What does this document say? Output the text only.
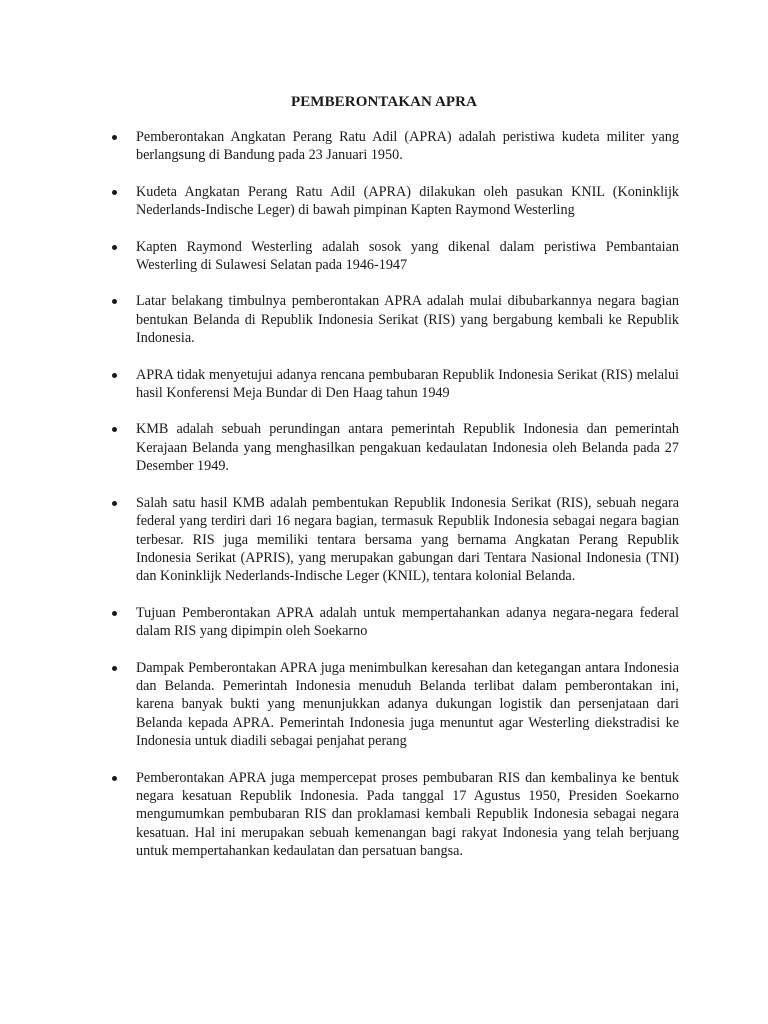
PEMBERONTAKAN APRA
Pemberontakan Angkatan Perang Ratu Adil (APRA) adalah peristiwa kudeta militer yang berlangsung di Bandung pada 23 Januari 1950.
Kudeta Angkatan Perang Ratu Adil (APRA) dilakukan oleh pasukan KNIL (Koninklijk Nederlands-Indische Leger) di bawah pimpinan Kapten Raymond Westerling
Kapten Raymond Westerling adalah sosok yang dikenal dalam peristiwa Pembantaian Westerling di Sulawesi Selatan pada 1946-1947
Latar belakang timbulnya pemberontakan APRA adalah mulai dibubarkannya negara bagian bentukan Belanda di Republik Indonesia Serikat (RIS) yang bergabung kembali ke Republik Indonesia.
APRA tidak menyetujui adanya rencana pembubaran Republik Indonesia Serikat (RIS) melalui hasil Konferensi Meja Bundar di Den Haag tahun 1949
KMB adalah sebuah perundingan antara pemerintah Republik Indonesia dan pemerintah Kerajaan Belanda yang menghasilkan pengakuan kedaulatan Indonesia oleh Belanda pada 27 Desember 1949.
Salah satu hasil KMB adalah pembentukan Republik Indonesia Serikat (RIS), sebuah negara federal yang terdiri dari 16 negara bagian, termasuk Republik Indonesia sebagai negara bagian terbesar. RIS juga memiliki tentara bersama yang bernama Angkatan Perang Republik Indonesia Serikat (APRIS), yang merupakan gabungan dari Tentara Nasional Indonesia (TNI) dan Koninklijk Nederlands-Indische Leger (KNIL), tentara kolonial Belanda.
Tujuan Pemberontakan APRA adalah untuk mempertahankan adanya negara-negara federal dalam RIS yang dipimpin oleh Soekarno
Dampak Pemberontakan APRA juga menimbulkan keresahan dan ketegangan antara Indonesia dan Belanda. Pemerintah Indonesia menuduh Belanda terlibat dalam pemberontakan ini, karena banyak bukti yang menunjukkan adanya dukungan logistik dan persenjataan dari Belanda kepada APRA. Pemerintah Indonesia juga menuntut agar Westerling diekstradisi ke Indonesia untuk diadili sebagai penjahat perang
Pemberontakan APRA juga mempercepat proses pembubaran RIS dan kembalinya ke bentuk negara kesatuan Republik Indonesia. Pada tanggal 17 Agustus 1950, Presiden Soekarno mengumumkan pembubaran RIS dan proklamasi kembali Republik Indonesia sebagai negara kesatuan. Hal ini merupakan sebuah kemenangan bagi rakyat Indonesia yang telah berjuang untuk mempertahankan kedaulatan dan persatuan bangsa.
